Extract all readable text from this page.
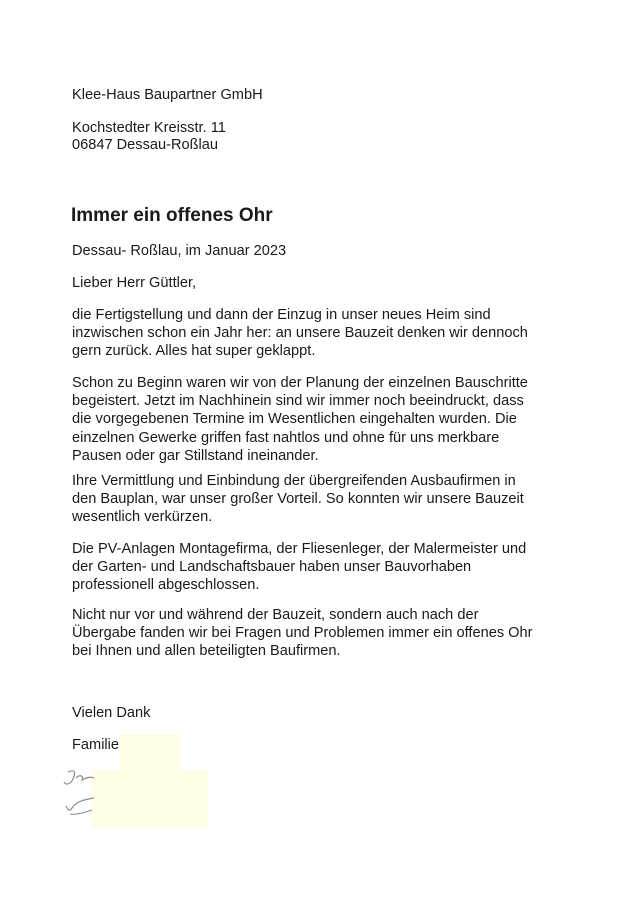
Klee-Haus Baupartner GmbH

Kochstedter Kreisstr. 11

06847 Dessau-Roßlau

Immer ein offenes Ohr

Dessau- Roßlau, im Januar 2023

Lieber Herr Güttler,

die Fertigstellung und dann der Einzug in unser neues Heim sind
inzwischen schon ein Jahr her: an unsere Bauzeit denken wir dennoch
gern zurück. Alles hat super geklappt.
Schon zu Beginn waren wir von der Planung der einzelnen Bauschritte
begeistert. Jetzt im Nachhinein sind wir immer noch beeindruckt, dass
die vorgegebenen Termine im Wesentlichen eingehalten wurden. Die
einzelnen Gewerke griffen fast nahtlos und ohne für uns merkbare
Pausen oder gar Stillstand ineinander.
Ihre Vermittlung und Einbindung der übergreifenden Ausbaufirmen in
den Bauplan, war unser großer Vorteil. So konnten wir unsere Bauzeit
wesentlich verkürzen.
Die PV-Anlagen Montagefirma, der Fliesenleger, der Malermeister und
der Garten- und Landschaftsbauer haben unser Bauvorhaben
professionell abgeschlossen.
Nicht nur vor und während der Bauzeit, sondern auch nach der
Übergabe fanden wir bei Fragen und Problemen immer ein offenes Ohr
bei Ihnen und allen beteiligten Baufirmen.

Vielen Dank

Familie
